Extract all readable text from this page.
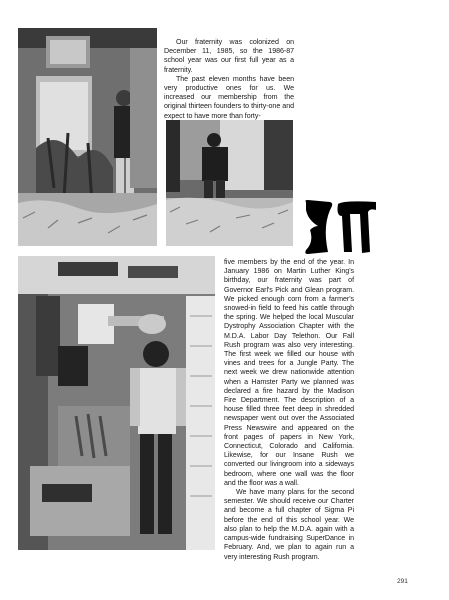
Our fraternity was colonized on December 11, 1985, so the 1986-87 school year was our first full year as a fraternity.

The past eleven months have been very productive ones for us. We increased our membership from the original thirteen founders to thirty-one and expect to have more than forty-

five members by the end of the year. In January 1986 on Martin Luther King's birthday, our fraternity was part of Governor Earl's Pick and Glean program. We picked enough corn from a farmer's snowed-in field to feed his cattle through the spring. We helped the local Muscular Dystrophy Association Chapter with the M.D.A. Labor Day Telethon. Our Fall Rush program was also very interesting. The first week we filled our house with vines and trees for a Jungle Party. The next week we drew nationwide attention when a Hamster Party we planned was declared a fire hazard by the Madison Fire Department. The description of a house filled three feet deep in shredded newspaper went out over the Associated Press Newswire and appeared on the front pages of papers in New York, Connecticut, Colorado and California. Likewise, for our Insane Rush we converted our livingroom into a sideways bedroom, where one wall was the floor and the floor was a wall.

We have many plans for the second semester. We should receive our Charter and become a full chapter of Sigma Pi before the end of this school year. We also plan to help the M.D.A. again with a campus-wide fundraising SuperDance in February. And, we plan to again run a very interesting Rush program.

291
